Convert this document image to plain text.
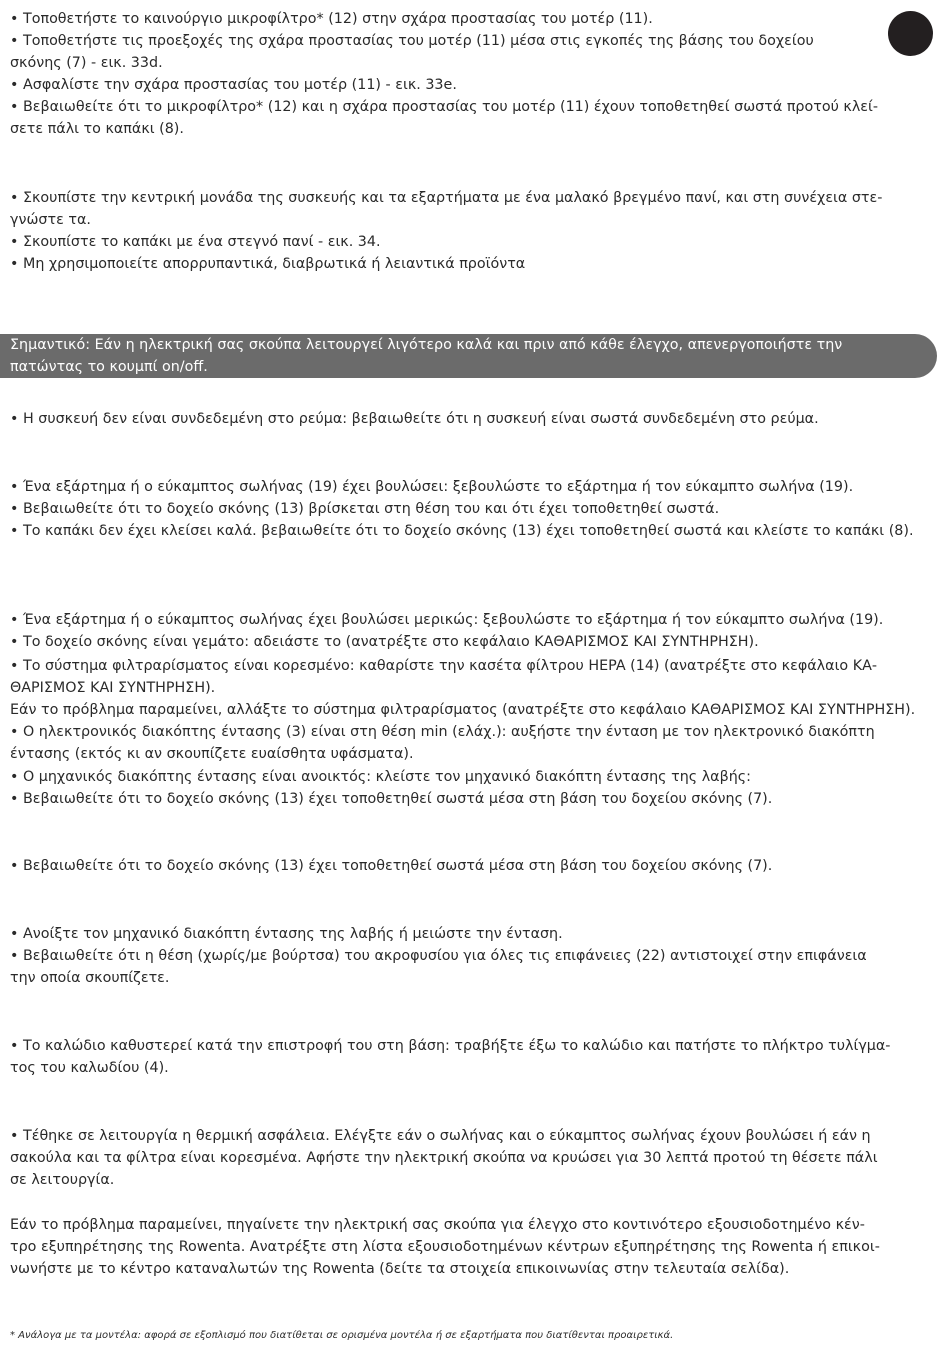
• Τοποθετήστε το καινούργιο μικροφίλτρο* (12) στην σχάρα προστασίας του μοτέρ (11).
• Τοποθετήστε τις προεξοχές της σχάρα προστασίας του μοτέρ (11) μέσα στις εγκοπές της βάσης του δοχείου
σκόνης (7) - εικ. 33d.
• Ασφαλίστε την σχάρα προστασίας του μοτέρ (11) - εικ. 33e.
• Βεβαιωθείτε ότι το μικροφίλτρο* (12) και η σχάρα προστασίας του μοτέρ (11) έχουν τοποθετηθεί σωστά προτού κλεί-
σετε πάλι το καπάκι (8).
• Σκουπίστε την κεντρική μονάδα της συσκευής και τα εξαρτήματα με ένα μαλακό βρεγμένο πανί, και στη συνέχεια στε-
γνώστε τα.
• Σκουπίστε το καπάκι με ένα στεγνό πανί - εικ. 34.
• Μη χρησιμοποιείτε απορρυπαντικά, διαβρωτικά ή λειαντικά προϊόντα
Σημαντικό: Εάν η ηλεκτρική σας σκούπα λειτουργεί λιγότερο καλά και πριν από κάθε έλεγχο, απενεργοποιήστε την
πατώντας το κουμπί on/off.
• Η συσκευή δεν είναι συνδεδεμένη στο ρεύμα: βεβαιωθείτε ότι η συσκευή είναι σωστά συνδεδεμένη στο ρεύμα.
• Ένα εξάρτημα ή ο εύκαμπτος σωλήνας (19) έχει βουλώσει: ξεβουλώστε το εξάρτημα ή τον εύκαμπτο σωλήνα (19).
• Βεβαιωθείτε ότι το δοχείο σκόνης (13) βρίσκεται στη θέση του και ότι έχει τοποθετηθεί σωστά.
• Το καπάκι δεν έχει κλείσει καλά. βεβαιωθείτε ότι το δοχείο σκόνης (13) έχει τοποθετηθεί σωστά και κλείστε το καπάκι (8).
• Ένα εξάρτημα ή ο εύκαμπτος σωλήνας έχει βουλώσει μερικώς: ξεβουλώστε το εξάρτημα ή τον εύκαμπτο σωλήνα (19).
• Το δοχείο σκόνης είναι γεμάτο: αδειάστε το (ανατρέξτε στο κεφάλαιο ΚΑΘΑΡΙΣΜΟΣ ΚΑΙ ΣΥΝΤΗΡΗΣΗ).
• Το σύστημα φιλτραρίσματος είναι κορεσμένο: καθαρίστε την κασέτα φίλτρου HEPA (14) (ανατρέξτε στο κεφάλαιο ΚΑ-
ΘΑΡΙΣΜΟΣ ΚΑΙ ΣΥΝΤΗΡΗΣΗ).
Εάν το πρόβλημα παραμείνει, αλλάξτε το σύστημα φιλτραρίσματος (ανατρέξτε στο κεφάλαιο ΚΑΘΑΡΙΣΜΟΣ ΚΑΙ ΣΥΝΤΗΡΗΣΗ).
• Ο ηλεκτρονικός διακόπτης έντασης (3) είναι στη θέση min (ελάχ.): αυξήστε την ένταση με τον ηλεκτρονικό διακόπτη
έντασης (εκτός κι αν σκουπίζετε ευαίσθητα υφάσματα).
• Ο μηχανικός διακόπτης έντασης είναι ανοικτός: κλείστε τον μηχανικό διακόπτη έντασης της λαβής:
• Βεβαιωθείτε ότι το δοχείο σκόνης (13) έχει τοποθετηθεί σωστά μέσα στη βάση του δοχείου σκόνης (7).
• Βεβαιωθείτε ότι το δοχείο σκόνης (13) έχει τοποθετηθεί σωστά μέσα στη βάση του δοχείου σκόνης (7).
• Ανοίξτε τον μηχανικό διακόπτη έντασης της λαβής ή μειώστε την ένταση.
• Βεβαιωθείτε ότι η θέση (χωρίς/με βούρτσα) του ακροφυσίου για όλες τις επιφάνειες (22) αντιστοιχεί στην επιφάνεια
την οποία σκουπίζετε.
• Το καλώδιο καθυστερεί κατά την επιστροφή του στη βάση: τραβήξτε έξω το καλώδιο και πατήστε το πλήκτρο τυλίγμα-
τος του καλωδίου (4).
• Τέθηκε σε λειτουργία η θερμική ασφάλεια. Ελέγξτε εάν ο σωλήνας και ο εύκαμπτος σωλήνας έχουν βουλώσει ή εάν η
σακούλα και τα φίλτρα είναι κορεσμένα. Αφήστε την ηλεκτρική σκούπα να κρυώσει για 30 λεπτά προτού τη θέσετε πάλι
σε λειτουργία.
Εάν το πρόβλημα παραμείνει, πηγαίνετε την ηλεκτρική σας σκούπα για έλεγχο στο κοντινότερο εξουσιοδοτημένο κέν-
τρο εξυπηρέτησης της Rowenta. Ανατρέξτε στη λίστα εξουσιοδοτημένων κέντρων εξυπηρέτησης της Rowenta ή επικοι-
νωνήστε με το κέντρο καταναλωτών της Rowenta (δείτε τα στοιχεία επικοινωνίας στην τελευταία σελίδα).
* Ανάλογα με τα μοντέλα: αφορά σε εξοπλισμό που διατίθεται σε ορισμένα μοντέλα ή σε εξαρτήματα που διατίθενται προαιρετικά.
